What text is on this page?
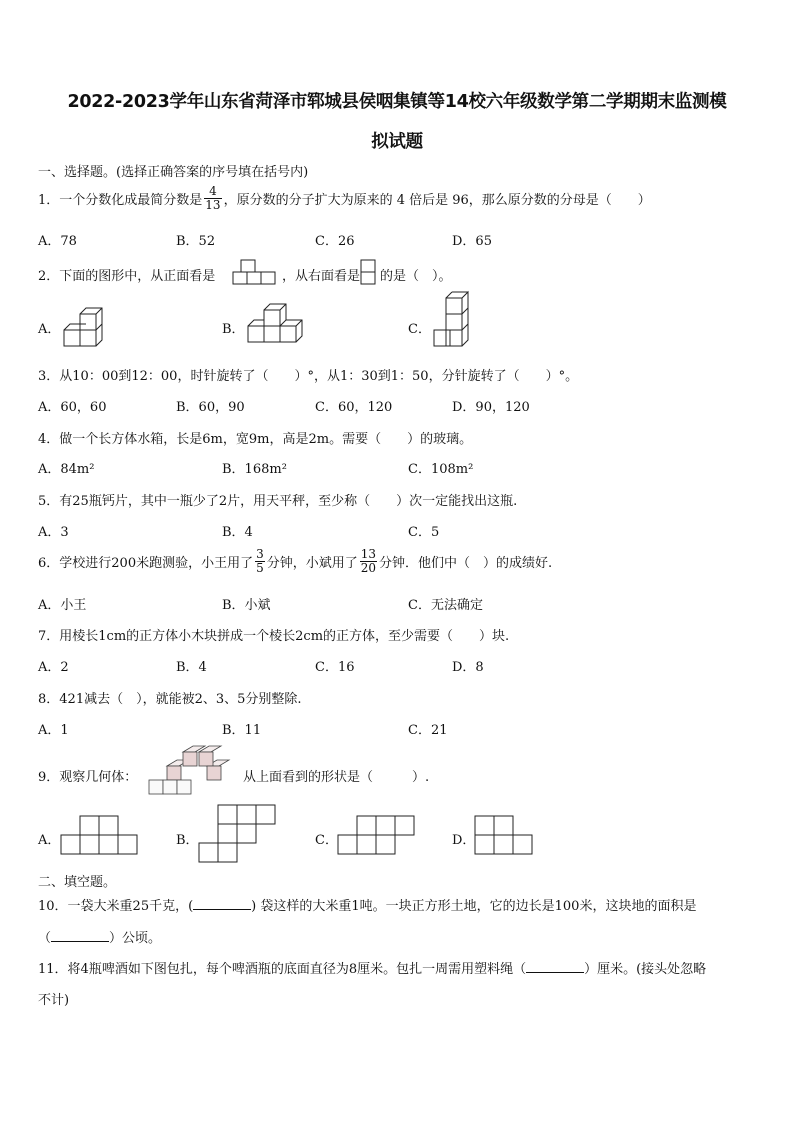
2022-2023学年山东省菏泽市郓城县侯咽集镇等14校六年级数学第二学期期末监测模
拟试题
一、选择题。(选择正确答案的序号填在括号内)
1．一个分数化成最简分数是 $\frac{4}{13}$ ，原分数的分子扩大为原来的 4 倍后是 96，那么原分数的分母是（　　）
A．78	B．52	C．26	D．65
2．下面的图形中，从正面看是	，从右面看是 的是（　）。
A．	B．	C．
3．从10：00到12：00，时针旋转了（　　）°，从1：30到1：50，分针旋转了（　　）°。
A．60，60	B．60，90	C．60，120	D．90，120
4．做一个长方体水箱，长是6m，宽9m，高是2m。需要（　　）的玻璃。
A．84m²	B．168m²	C．108m²
5．有25瓶钙片，其中一瓶少了2片，用天平秤，至少称（　　）次一定能找出这瓶.
A．3	B．4	C．5
6．学校进行200米跑测验，小王用了 $\frac{3}{5}$ 分钟，小斌用了 $\frac{13}{20}$ 分钟．他们中（　）的成绩好.
A．小王	B．小斌	C．无法确定
7．用棱长1cm的正方体小木块拼成一个棱长2cm的正方体，至少需要（　　）块.
A．2	B．4	C．16	D．8
8．421减去（　），就能被2、3、5分别整除.
A．1	B．11	C．21
9．观察几何体：	从上面看到的形状是（　　　）.
A．	B．	C．	D．
二、填空题。
10．一袋大米重25千克，(	) 袋这样的大米重1吨。一块正方形土地，它的边长是100米，这块地的面积是
（	）公顷。
11．将4瓶啤酒如下图包扎，每个啤酒瓶的底面直径为8厘米。包扎一周需用塑料绳（	）厘米。(接头处忽略
不计)
